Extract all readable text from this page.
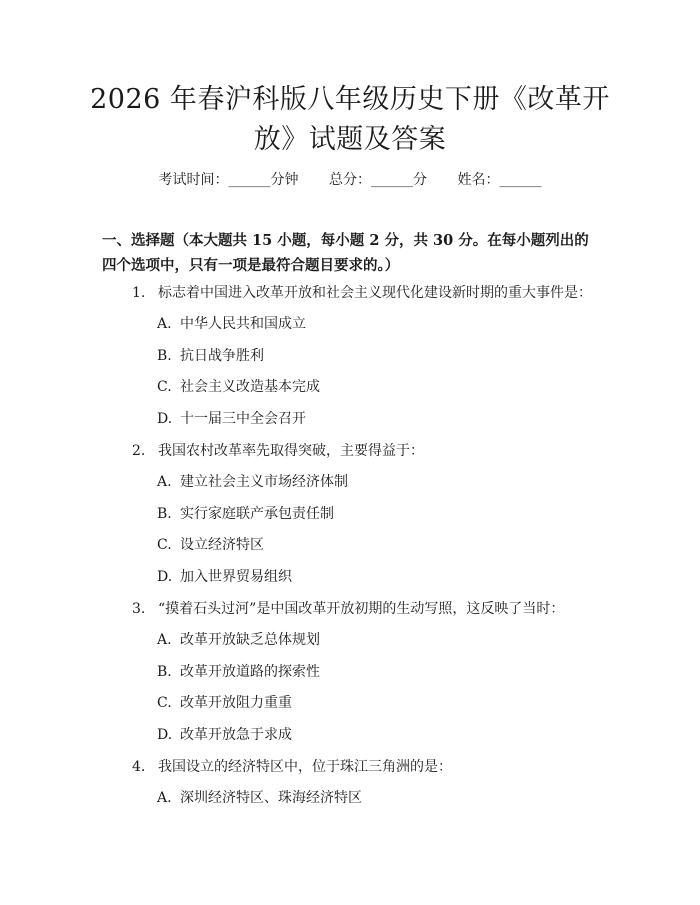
2026 年春沪科版八年级历史下册《改革开
放》试题及答案
考试时间：______分钟 总分：______分 姓名：______
一、选择题（本大题共 15 小题，每小题 2 分，共 30 分。在每小题列出的四个选项中，只有一项是最符合题目要求的。）
1. 标志着中国进入改革开放和社会主义现代化建设新时期的重大事件是：
A. 中华人民共和国成立
B. 抗日战争胜利
C. 社会主义改造基本完成
D. 十一届三中全会召开
2. 我国农村改革率先取得突破，主要得益于：
A. 建立社会主义市场经济体制
B. 实行家庭联产承包责任制
C. 设立经济特区
D. 加入世界贸易组织
3. “摸着石头过河”是中国改革开放初期的生动写照，这反映了当时：
A. 改革开放缺乏总体规划
B. 改革开放道路的探索性
C. 改革开放阻力重重
D. 改革开放急于求成
4. 我国设立的经济特区中，位于珠江三角洲的是：
A. 深圳经济特区、珠海经济特区
